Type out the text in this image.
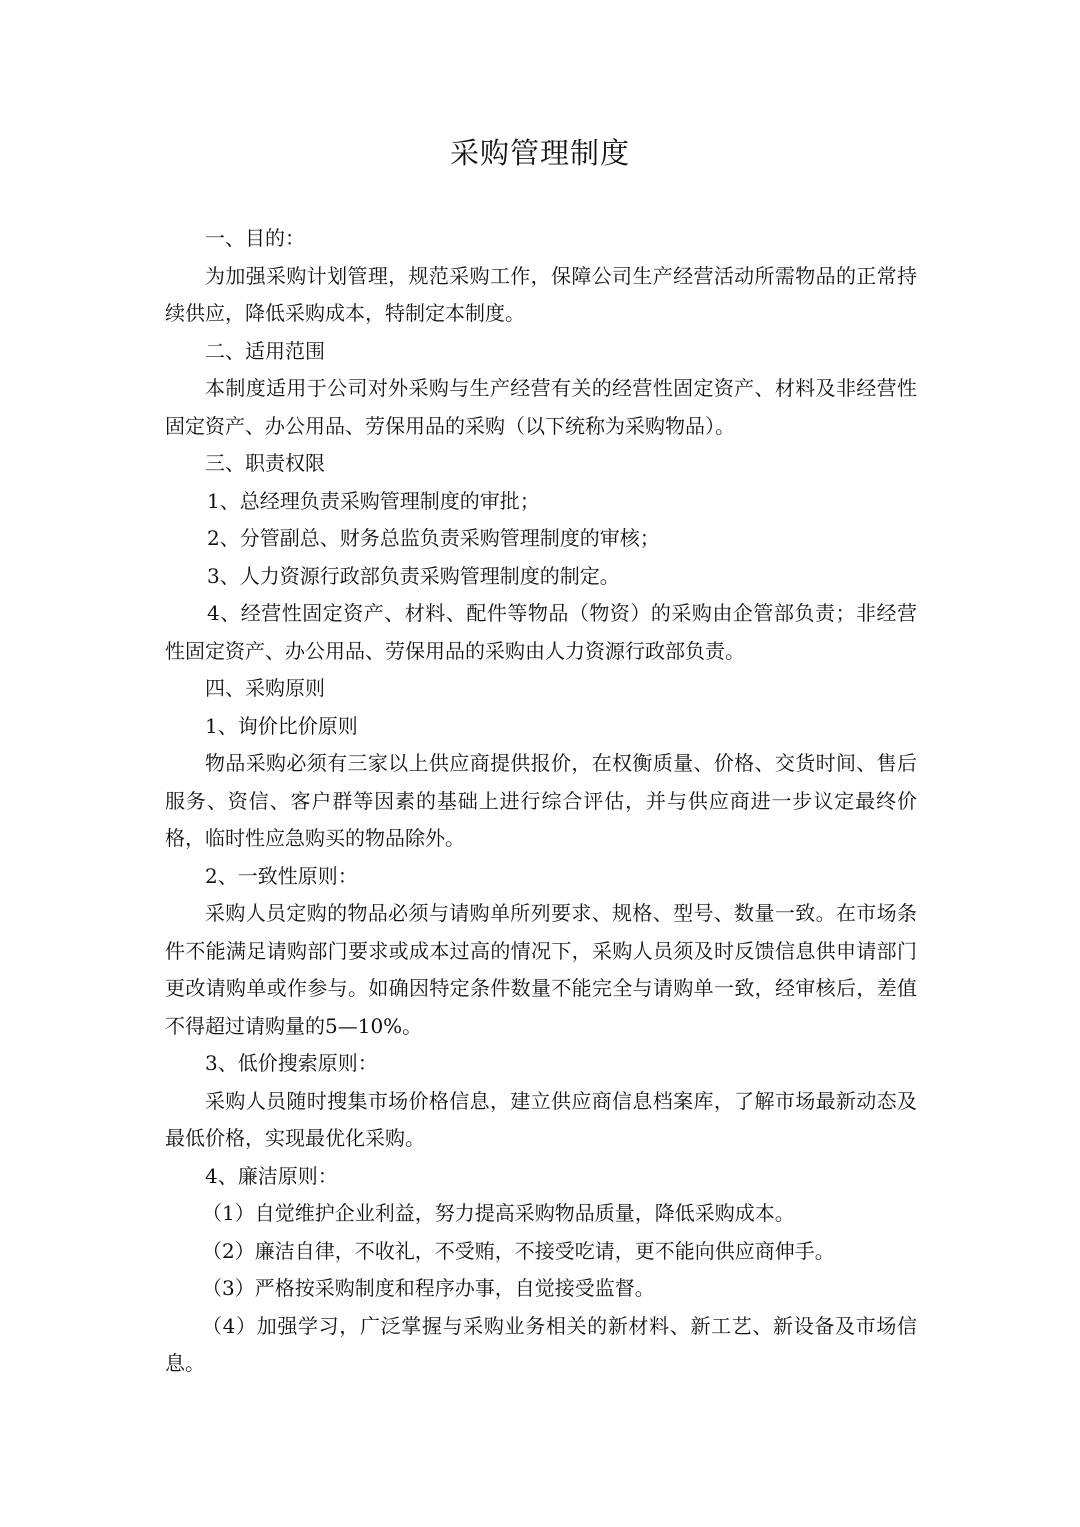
采购管理制度

一、目的：

为加强采购计划管理，规范采购工作，保障公司生产经营活动所需物品的正常持续供应，降低采购成本，特制定本制度。

二、适用范围

本制度适用于公司对外采购与生产经营有关的经营性固定资产、材料及非经营性固定资产、办公用品、劳保用品的采购（以下统称为采购物品）。

三、职责权限

1、总经理负责采购管理制度的审批；

2、分管副总、财务总监负责采购管理制度的审核；

3、人力资源行政部负责采购管理制度的制定。

4、经营性固定资产、材料、配件等物品（物资）的采购由企管部负责；非经营性固定资产、办公用品、劳保用品的采购由人力资源行政部负责。

四、采购原则

1、询价比价原则

物品采购必须有三家以上供应商提供报价，在权衡质量、价格、交货时间、售后服务、资信、客户群等因素的基础上进行综合评估，并与供应商进一步议定最终价格，临时性应急购买的物品除外。

2、一致性原则：

采购人员定购的物品必须与请购单所列要求、规格、型号、数量一致。在市场条件不能满足请购部门要求或成本过高的情况下，采购人员须及时反馈信息供申请部门更改请购单或作参与。如确因特定条件数量不能完全与请购单一致，经审核后，差值不得超过请购量的5—10%。

3、低价搜索原则：

采购人员随时搜集市场价格信息，建立供应商信息档案库，了解市场最新动态及最低价格，实现最优化采购。

4、廉洁原则：

（1）自觉维护企业利益，努力提高采购物品质量，降低采购成本。

（2）廉洁自律，不收礼，不受贿，不接受吃请，更不能向供应商伸手。

（3）严格按采购制度和程序办事，自觉接受监督。

（4）加强学习，广泛掌握与采购业务相关的新材料、新工艺、新设备及市场信息。
